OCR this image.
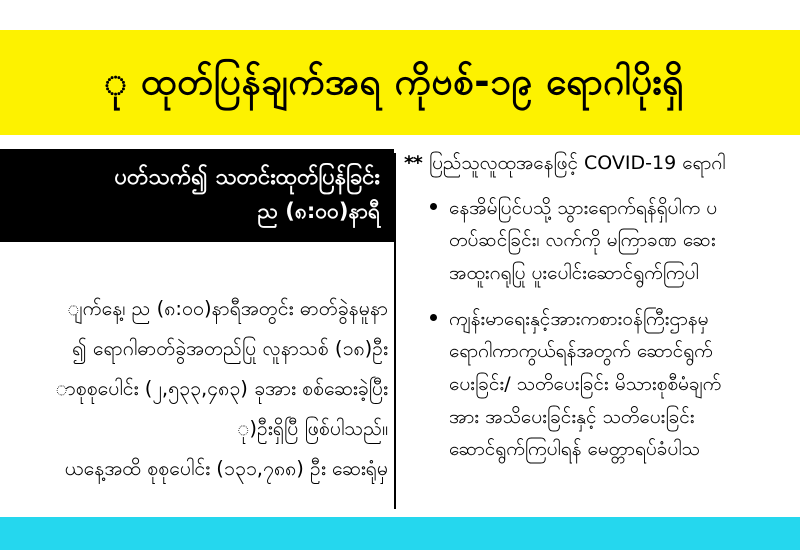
ု ထုတ်ပြန်ချက်အရ ကိုဗစ်-၁၉ ရောဂါပိုးရှိ
ပတ်သက်၍ သတင်းထုတ်ပြန်ခြင်း
ည (၈:၀၀)နာရီ
ျက်နေ့၊ ည (၈:၀၀)နာရီအတွင်း ဓာတ်ခွဲနမူနာ
၍ ရောဂါဓာတ်ခွဲအတည်ပြု လူနာသစ် (၁၈)ဦး
ာစုစုပေါင်း (၂,၅၃၃,၄၈၃) ခုအား စစ်ဆေးခဲ့ပြီး
ု)ဦးရှိပြီ ဖြစ်ပါသည်။
ယနေ့အထိ စုစုပေါင်း (၁၃၁,၇၈၈) ဦး ဆေးရုံမှ
** ပြည်သူလူထုအနေဖြင့် COVID-19 ရောဂါ
နေအိမ်ပြင်ပသို့ သွားရောက်ရန်ရှိပါက ပ
တပ်ဆင်ခြင်း၊ လက်ကို မကြာခဏ ဆေး
အထူးဂရုပြု ပူးပေါင်းဆောင်ရွက်ကြပါ
ကျန်းမာရေးနှင့်အားကစားဝန်ကြီးဌာနမှ
ရောဂါကာကွယ်ရန်အတွက် ဆောင်ရွက်
ပေးခြင်း/ သတိပေးခြင်း မိသားစုစီမံချက်
အား အသိပေးခြင်းနှင့် သတိပေးခြင်း
ဆောင်ရွက်ကြပါရန် မေတ္တာရပ်ခံပါသ
